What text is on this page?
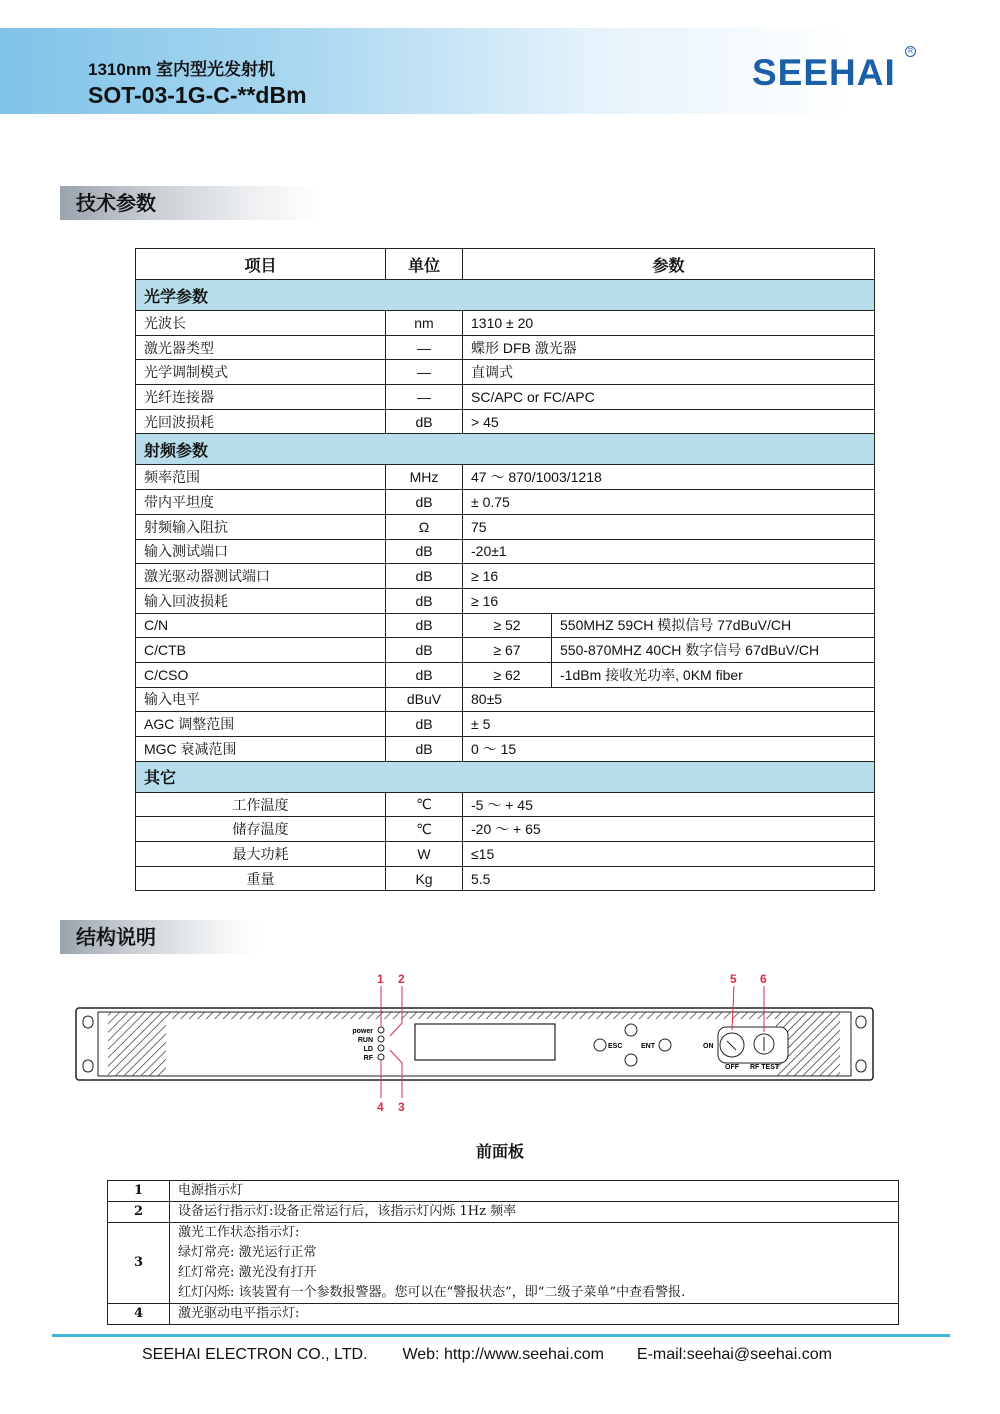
1310nm 室内型光发射机
SOT-03-1G-C-**dBm
SEEHAI
R
技术参数
项目	单位	参数	
光学参数			
光波长	nm	1310 ± 20	
激光器类型	—	蝶形 DFB 激光器	
光学调制模式	—	直调式	
光纤连接器	—	SC/APC or FC/APC	
光回波损耗	dB	> 45	
射频参数			
频率范围	MHz	47 ～ 870/1003/1218	
带内平坦度	dB	± 0.75	
射频输入阻抗	Ω	75	
输入测试端口	dB	-20±1	
激光驱动器测试端口	dB	≥ 16	
输入回波损耗	dB	≥ 16	
C/N	dB	≥ 52	550MHZ 59CH 模拟信号 77dBuV/CH
C/CTB	dB	≥ 67	550-870MHZ 40CH 数字信号 67dBuV/CH
C/CSO	dB	≥ 62	-1dBm 接收光功率, 0KM fiber
输入电平	dBuV	80±5	
AGC 调整范围	dB	± 5	
MGC 衰减范围	dB	0 ～ 15	
其它			
工作温度	℃	-5 ～ + 45	
储存温度	℃	-20 ～ + 65	
最大功耗	W	≤15	
重量	Kg	5.5	
结构说明
power
RUN
LD
RF
ESC	ENT	ON
OFF RF TEST
1 2
3
4
5 6
前面板
1	电源指示灯

2	设备运行指示灯:设备正常运行后，该指示灯闪烁 1Hz 频率

3	激光工作状态指示灯:
绿灯常亮: 激光运行正常
红灯常亮: 激光没有打开
红灯闪烁: 该装置有一个参数报警器。您可以在“警报状态”，即“二级子菜单”中查看警报.

4	激光驱动电平指示灯:
SEEHAI ELECTRON CO., LTD. Web: http://www.seehai.com E-mail:seehai@seehai.com
